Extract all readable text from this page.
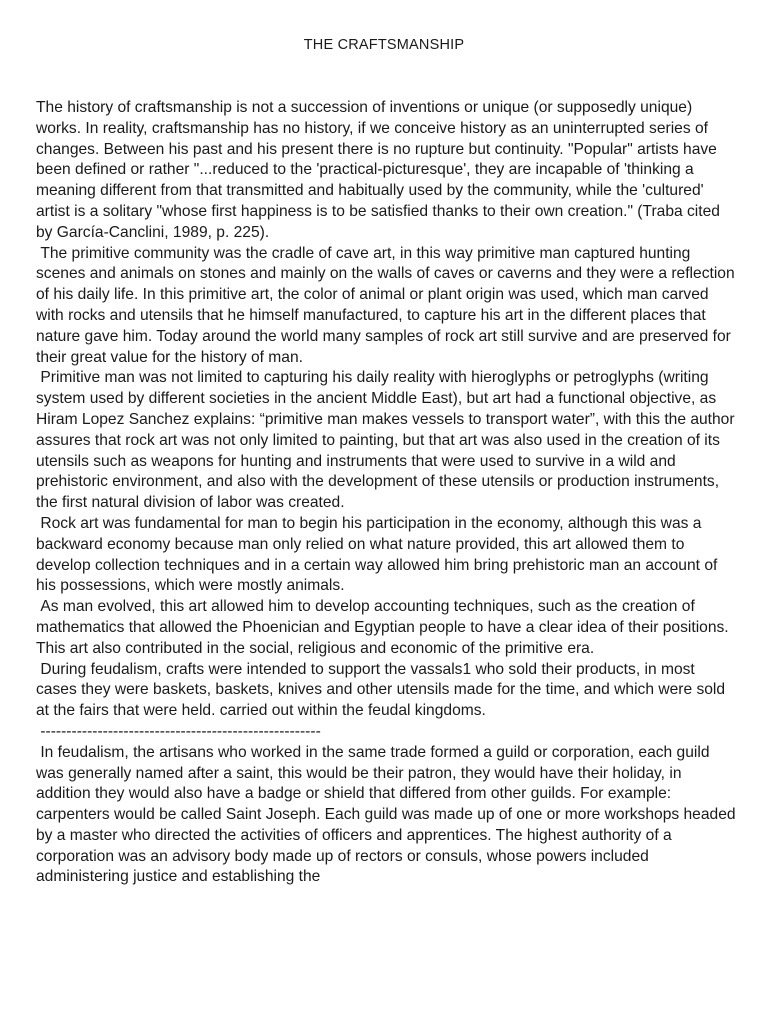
THE CRAFTSMANSHIP

The history of craftsmanship is not a succession of inventions or unique (or supposedly unique) works. In reality, craftsmanship has no history, if we conceive history as an uninterrupted series of changes. Between his past and his present there is no rupture but continuity. "Popular" artists have been defined or rather "...reduced to the 'practical-picturesque', they are incapable of 'thinking a meaning different from that transmitted and habitually used by the community, while the 'cultured' artist is a solitary "whose first happiness is to be satisfied thanks to their own creation." (Traba cited by García-Canclini, 1989, p. 225).

The primitive community was the cradle of cave art, in this way primitive man captured hunting scenes and animals on stones and mainly on the walls of caves or caverns and they were a reflection of his daily life. In this primitive art, the color of animal or plant origin was used, which man carved with rocks and utensils that he himself manufactured, to capture his art in the different places that nature gave him. Today around the world many samples of rock art still survive and are preserved for their great value for the history of man.

Primitive man was not limited to capturing his daily reality with hieroglyphs or petroglyphs (writing system used by different societies in the ancient Middle East), but art had a functional objective, as Hiram Lopez Sanchez explains: “primitive man makes vessels to transport water”, with this the author assures that rock art was not only limited to painting, but that art was also used in the creation of its utensils such as weapons for hunting and instruments that were used to survive in a wild and prehistoric environment, and also with the development of these utensils or production instruments, the first natural division of labor was created.

Rock art was fundamental for man to begin his participation in the economy, although this was a backward economy because man only relied on what nature provided, this art allowed them to develop collection techniques and in a certain way allowed him bring prehistoric man an account of his possessions, which were mostly animals.

As man evolved, this art allowed him to develop accounting techniques, such as the creation of mathematics that allowed the Phoenician and Egyptian people to have a clear idea of their positions. This art also contributed in the social, religious and economic of the primitive era.

During feudalism, crafts were intended to support the vassals1 who sold their products, in most cases they were baskets, baskets, knives and other utensils made for the time, and which were sold at the fairs that were held. carried out within the feudal kingdoms.

------------------------------------------------------

In feudalism, the artisans who worked in the same trade formed a guild or corporation, each guild was generally named after a saint, this would be their patron, they would have their holiday, in addition they would also have a badge or shield that differed from other guilds. For example: carpenters would be called Saint Joseph. Each guild was made up of one or more workshops headed by a master who directed the activities of officers and apprentices. The highest authority of a corporation was an advisory body made up of rectors or consuls, whose powers included administering justice and establishing the
